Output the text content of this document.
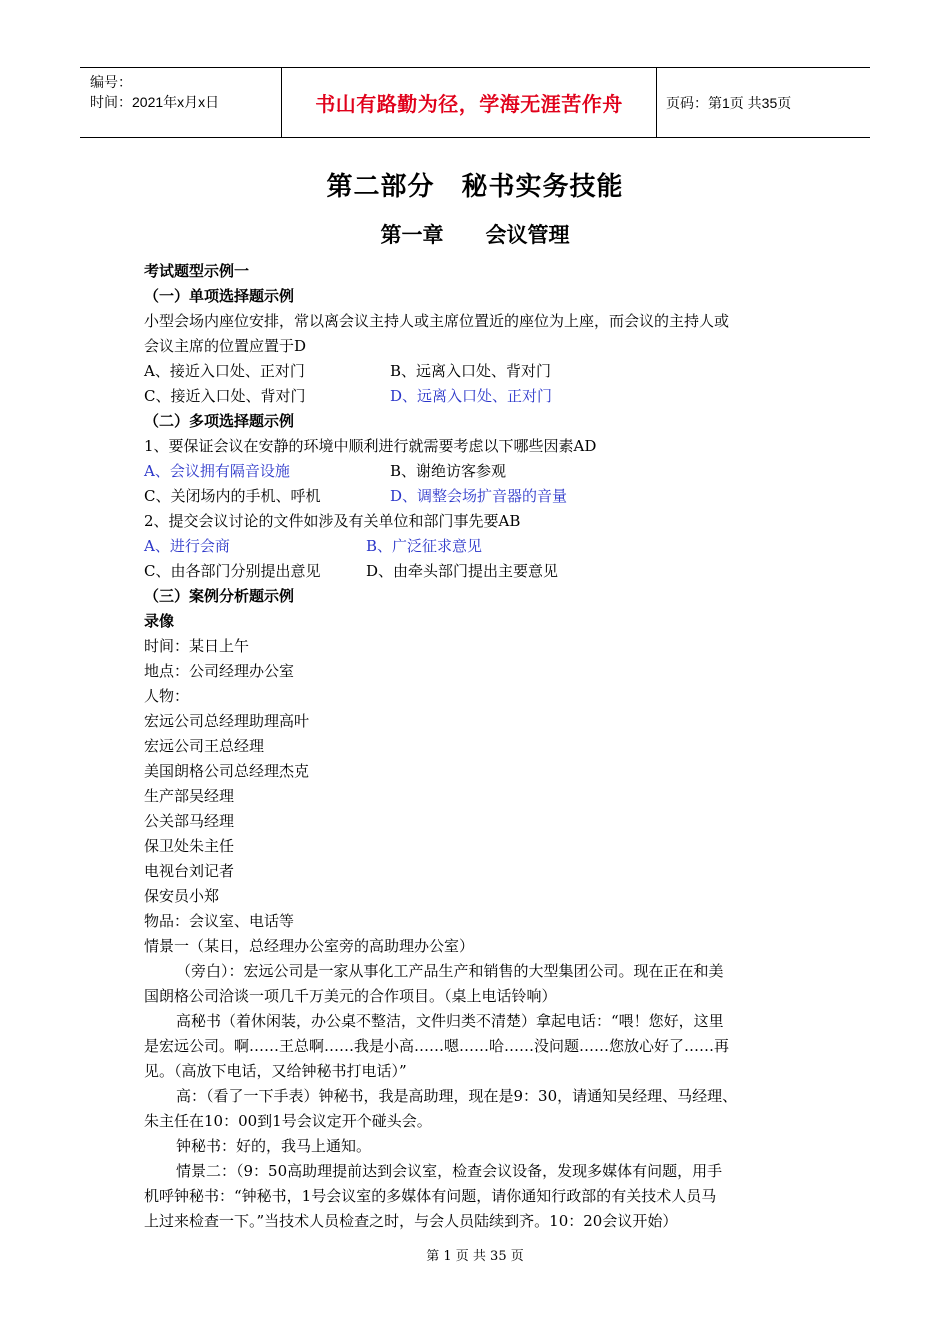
编号：
时间：2021年x月x日	书山有路勤为径，学海无涯苦作舟	页码：第1页 共35页
第二部分　秘书实务技能
第一章　　会议管理
考试题型示例一
（一）单项选择题示例
小型会场内座位安排，常以离会议主持人或主席位置近的座位为上座，而会议的主持人或
会议主席的位置应置于D
A、接近入口处、正对门	B、远离入口处、背对门
C、接近入口处、背对门	D、远离入口处、正对门
（二）多项选择题示例
1、要保证会议在安静的环境中顺利进行就需要考虑以下哪些因素AD
A、会议拥有隔音设施	B、谢绝访客参观
C、关闭场内的手机、呼机	D、调整会场扩音器的音量
2、提交会议讨论的文件如涉及有关单位和部门事先要AB
A、进行会商	B、广泛征求意见
C、由各部门分别提出意见	D、由牵头部门提出主要意见
（三）案例分析题示例
录像
时间：某日上午
地点：公司经理办公室
人物：
宏远公司总经理助理高叶
宏远公司王总经理
美国朗格公司总经理杰克
生产部吴经理
公关部马经理
保卫处朱主任
电视台刘记者
保安员小郑
物品：会议室、电话等
情景一（某日，总经理办公室旁的高助理办公室）
（旁白）：宏远公司是一家从事化工产品生产和销售的大型集团公司。现在正在和美
国朗格公司洽谈一项几千万美元的合作项目。（桌上电话铃响）
高秘书（着休闲装，办公桌不整洁，文件归类不清楚）拿起电话：“喂！您好，这里
是宏远公司。啊……王总啊……我是小高……嗯……哈……没问题……您放心好了……再
见。（高放下电话，又给钟秘书打电话）”
高：（看了一下手表）钟秘书，我是高助理，现在是9：30，请通知吴经理、马经理、
朱主任在10：00到1号会议定开个碰头会。
钟秘书：好的，我马上通知。
情景二：（9：50高助理提前达到会议室，检查会议设备，发现多媒体有问题，用手
机呼钟秘书：“钟秘书，1号会议室的多媒体有问题，请你通知行政部的有关技术人员马
上过来检查一下。”当技术人员检查之时，与会人员陆续到齐。10：20会议开始）
第 1 页 共 35 页
